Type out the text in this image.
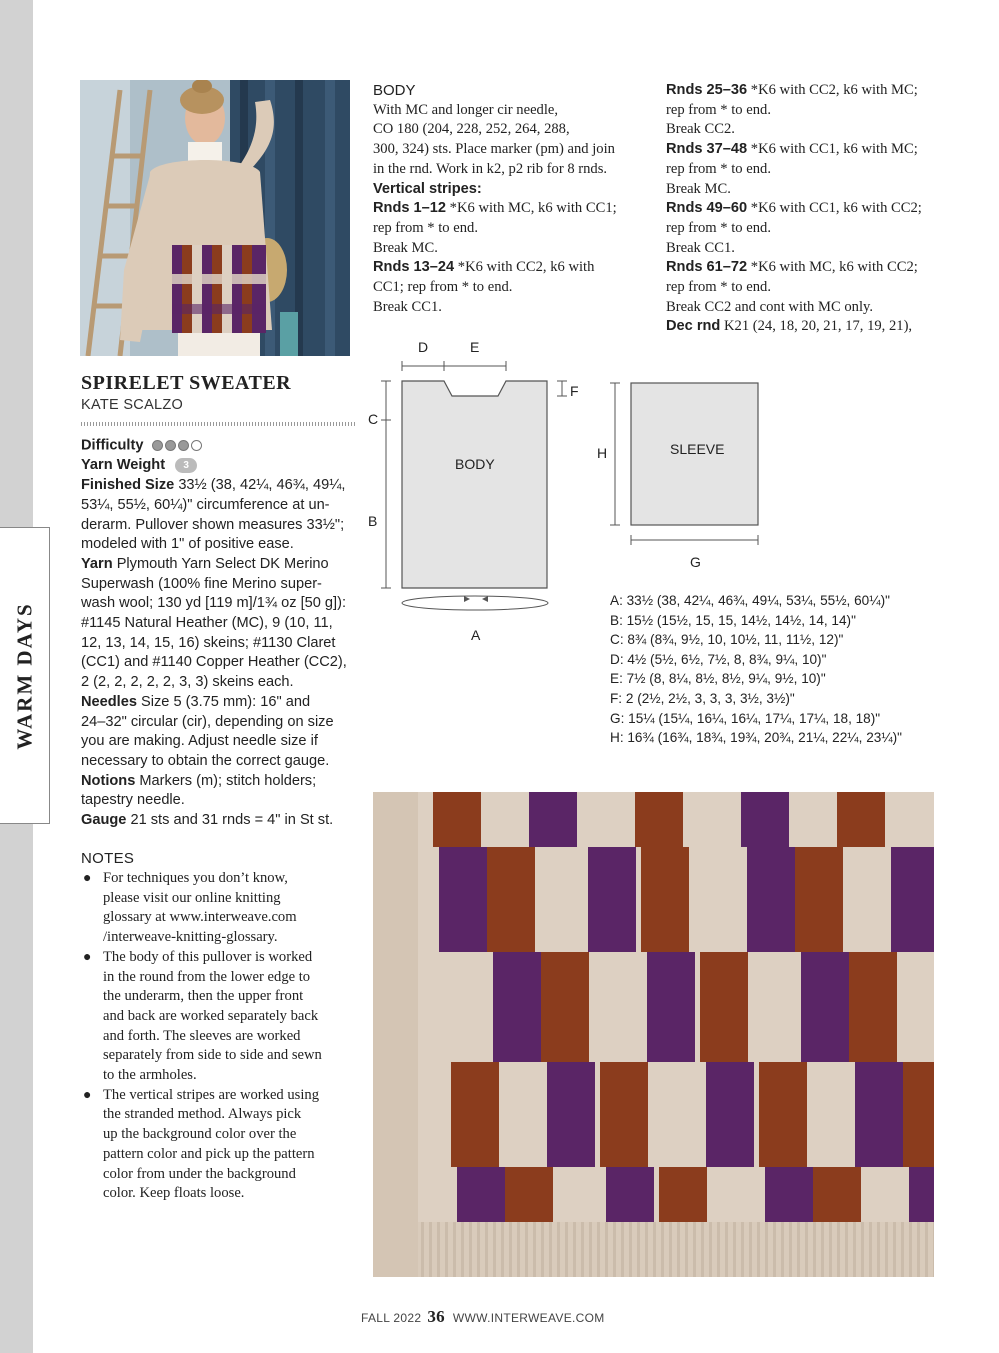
WARM DAYS
SPIRELET SWEATER
KATE SCALZO
Difficulty
Yarn Weight 3
Finished Size 33½ (38, 42¼, 46¾, 49¼,
53¼, 55½, 60¼)" circumference at un-
derarm. Pullover shown measures 33½";
modeled with 1" of positive ease.
Yarn Plymouth Yarn Select DK Merino
Superwash (100% fine Merino super-
wash wool; 130 yd [119 m]/1¾ oz [50 g]):
#1145 Natural Heather (MC), 9 (10, 11,
12, 13, 14, 15, 16) skeins; #1130 Claret
(CC1) and #1140 Copper Heather (CC2),
2 (2, 2, 2, 2, 2, 3, 3) skeins each.
Needles Size 5 (3.75 mm): 16" and
24–32" circular (cir), depending on size
you are making. Adjust needle size if
necessary to obtain the correct gauge.
Notions Markers (m); stitch holders;
tapestry needle.
Gauge 21 sts and 31 rnds = 4" in St st.
NOTES
● For techniques you don’t know,
please visit our online knitting
glossary at www.interweave.com
/interweave-knitting-glossary.
● The body of this pullover is worked
in the round from the lower edge to
the underarm, then the upper front
and back are worked separately back
and forth. The sleeves are worked
separately from side to side and sewn
to the armholes.
● The vertical stripes are worked using
the stranded method. Always pick
up the background color over the
pattern color and pick up the pattern
color from under the background
color. Keep floats loose.
BODY
With MC and longer cir needle,
CO 180 (204, 228, 252, 264, 288,
300, 324) sts. Place marker (pm) and join
in the rnd. Work in k2, p2 rib for 8 rnds.
Vertical stripes:
Rnds 1–12 *K6 with MC, k6 with CC1;
rep from * to end.
Break MC.
Rnds 13–24 *K6 with CC2, k6 with
CC1; rep from * to end.
Break CC1.
Rnds 25–36 *K6 with CC2, k6 with MC;
rep from * to end.
Break CC2.
Rnds 37–48 *K6 with CC1, k6 with MC;
rep from * to end.
Break MC.
Rnds 49–60 *K6 with CC1, k6 with CC2;
rep from * to end.
Break CC1.
Rnds 61–72 *K6 with MC, k6 with CC2;
rep from * to end.
Break CC2 and cont with MC only.
Dec rnd K21 (24, 18, 20, 21, 17, 19, 21),
BODY
SLEEVE
D	E
F
C
B
A
H
G
A: 33½ (38, 42¼, 46¾, 49¼, 53¼, 55½, 60¼)"
B: 15½ (15½, 15, 15, 14½, 14½, 14, 14)"
C: 8¾ (8¾, 9½, 10, 10½, 11, 11½, 12)"
D: 4½ (5½, 6½, 7½, 8, 8¾, 9¼, 10)"
E: 7½ (8, 8¼, 8½, 8½, 9¼, 9½, 10)"
F: 2 (2½, 2½, 3, 3, 3, 3½, 3½)"
G: 15¼ (15¼, 16¼, 16¼, 17¼, 17¼, 18, 18)"
H: 16¾ (16¾, 18¾, 19¾, 20¾, 21¼, 22¼, 23¼)"
FALL 2022 36 WWW.INTERWEAVE.COM
